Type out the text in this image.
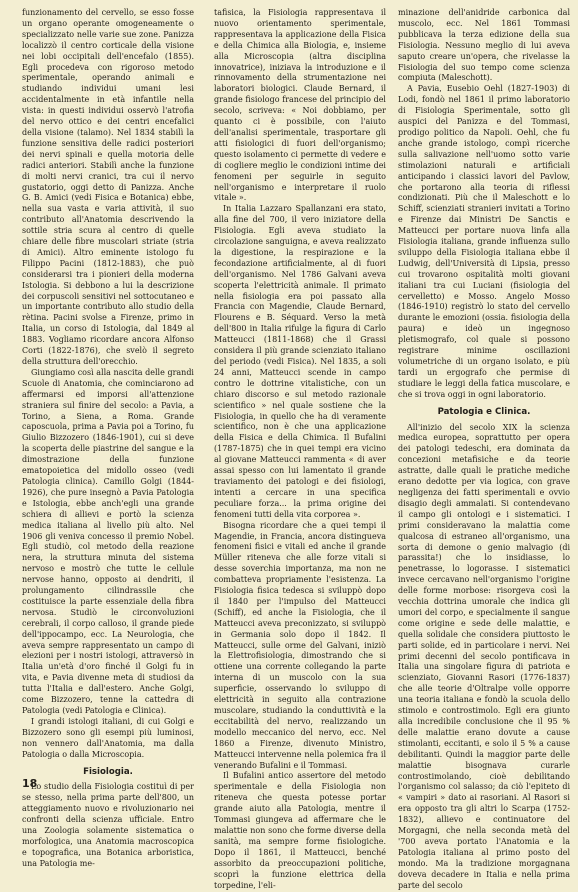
funzionamento del cervello, se esso fosse un organo operante omogeneamente o specializzato nelle varie sue zone. Panizza localizzò il centro corticale della visione nei lobi occipitali dell'encefalo (1855). Egli procedeva con rigoroso metodo sperimentale, operando animali e studiando individui umani lesi accidentalmente in età infantile nella vista: in questi individui osservò l'atrofia del nervo ottico e dei centri encefalici della visione (talamo). Nel 1834 stabilì la funzione sensitiva delle radici posteriori dei nervi spinali e quella motoria delle radici anteriori. Stabilì anche la funzione di molti nervi cranici, tra cui il nervo gustatorio, oggi detto di Panizza. Anche G. B. Amici (vedi Fisica e Botanica) ebbe, nella sua vasta e varia attività, il suo contributo all'Anatomia descrivendo la sottile stria scura al centro di quelle chiare delle fibre muscolari striate (stria di Amici). Altro eminente istologo fu Filippo Pacini (1812-1883), che può considerarsi tra i pionieri della moderna Istologia. Si debbono a lui la descrizione dei corpuscoli sensitivi nel sottocutaneo e un importante contributo allo studio della rètina. Pacini svolse a Firenze, primo in Italia, un corso di Istologia, dal 1849 al 1883. Vogliamo ricordare ancora Alfonso Corti (1822-1876), che svelò il segreto della struttura dell'orecchio.

Giungiamo così alla nascita delle grandi Scuole di Anatomia, che cominciarono ad affermarsi ed imporsi all'attenzione straniera sul finire del secolo: a Pavia, a Torino, a Siena, a Roma. Grande caposcuola, prima a Pavia poi a Torino, fu Giulio Bizzozero (1846-1901), cui si deve la scoperta delle piastrine del sangue e la dimostrazione della funzione ematopoietica del midollo osseo (vedi Patologia clinica). Camillo Golgi (1844-1926), che pure insegnò a Pavia Patologia e Istologia, ebbe anch'egli una grande schiera di allievi e portò la scienza medica italiana al livello più alto. Nel 1906 gli veniva concesso il premio Nobel. Egli studiò, col metodo della reazione nera, la struttura minuta del sistema nervoso e mostrò che tutte le cellule nervose hanno, opposto ai dendriti, il prolungamento cilindrassile che costituisce la parte essenziale della fibra nervosa. Studiò le circonvoluzioni cerebrali, il corpo calloso, il grande piede dell'ippocampo, ecc. La Neurologia, che aveva sempre rappresentato un campo di elezioni per i nostri istologi, attraversò in Italia un'età d'oro finché il Golgi fu in vita, e Pavia divenne meta di studiosi da tutta l'Italia e dall'estero. Anche Golgi, come Bizzozero, tenne la cattedra di Patologia (vedi Patologia e Clinica).

I grandi istologi italiani, di cui Golgi e Bizzozero sono gli esempi più luminosi, non vennero dall'Anatomia, ma dalla Patologia o dalla Microscopia.

Fisiologia.

Lo studio della Fisiologia costituì di per se stesso, nella prima parte dell'800, un atteggiamento nuovo e rivoluzionario nei confronti della scienza ufficiale. Entro una Zoologia solamente sistematica o morfologica, una Anatomia macroscopica e topografica, una Botanica arboristica, una Patologia me-

tafisica, la Fisiologia rappresentava il nuovo orientamento sperimentale, rappresentava la applicazione della Fisica e della Chimica alla Biologia, e, insieme alla Microscopia (altra disciplina innovatrice), iniziava la introduzione e il rinnovamento della strumentazione nei laboratori biologici. Claude Bernard, il grande fisiologo francese del principio del secolo, scriveva: « Noi dobbiamo, per quanto ci è possibile, con l'aiuto dell'analisi sperimentale, trasportare gli atti fisiologici di fuori dell'organismo; questo isolamento ci permette di vedere e di cogliere meglio le condizioni intime dei fenomeni per seguirle in seguito nell'organismo e interpretare il ruolo vitale ».

In Italia Lazzaro Spallanzani era stato, alla fine del 700, il vero iniziatore della Fisiologia. Egli aveva studiato la circolazione sanguigna, e aveva realizzato la digestione, la respirazione e la fecondazione artificialmente, al di fuori dell'organismo. Nel 1786 Galvani aveva scoperta l'elettricità animale. Il primato nella fisiologia era poi passato alla Francia con Magendie, Claude Bernard, Flourens e B. Séquard. Verso la metà dell'800 in Italia rifulge la figura di Carlo Matteucci (1811-1868) che il Grassi considera il più grande scienziato italiano del periodo (vedi Fisica). Nel 1835, a soli 24 anni, Matteucci scende in campo contro le dottrine vitalistiche, con un chiaro discorso e sul metodo razionale scientifico » nel quale sostiene che la Fisiologia, in quello che ha di veramente scientifico, non è che una applicazione della Fisica e della Chimica. Il Bufalini (1787-1875) che in quei tempi era vicino al giovane Matteucci rammenta « di aver assai spesso con lui lamentato il grande traviamento dei patologi e dei fisiologi, intenti a cercare in una specifica peculiare forza... la prima origine dei fenomeni tutti della vita corporea ».

Bisogna ricordare che a quei tempi il Magendie, in Francia, ancora distingueva fenomeni fisici e vitali ed anche il grande Müller riteneva che alle forze vitali si desse soverchia importanza, ma non ne combatteva propriamente l'esistenza. La Fisiologia fisica tedesca si sviluppò dopo il 1840 per l'impulso del Matteucci (Schiff), ed anche la Fisiologia, che il Matteucci aveva preconizzato, si sviluppò in Germania solo dopo il 1842. Il Matteucci, sulle orme del Galvani, iniziò la Elettrofisiologia, dimostrando che si ottiene una corrente collegando la parte interna di un muscolo con la sua superficie, osservando lo sviluppo di elettricità in seguito alla contrazione muscolare, studiando la conduttività e la eccitabilità del nervo, realizzando un modello meccanico del nervo, ecc. Nel 1860 a Firenze, divenuto Ministro, Matteucci intervenne nella polemica fra il venerando Bufalini e il Tommasi.

Il Bufalini antico assertore del metodo sperimentale e della Fisiologia non riteneva che questa potesse portar grande aiuto alla Patologia, mentre il Tommasi giungeva ad affermare che le malattie non sono che forme diverse della sanità, ma sempre forme fisiologiche. Dopo il 1861, il Matteucci, benché assorbito da preoccupazioni politiche, scoprì la funzione elettrica della torpedine, l'eli-

minazione dell'anidride carbonica dal muscolo, ecc. Nel 1861 Tommasi pubblicava la terza edizione della sua Fisiologia. Nessuno meglio di lui aveva saputo creare un'opera, che rivelasse la Fisiologia del suo tempo come scienza compiuta (Maleschott).

A Pavia, Eusebio Oehl (1827-1903) di Lodi, fondò nel 1861 il primo laboratorio di Fisiologia Sperimentale, sotto gli auspici del Panizza e del Tommasi, prodigo politico da Napoli. Oehl, che fu anche grande istologo, compì ricerche sulla salivazione nell'uomo sotto varie stimolazioni naturali e artificiali anticipando i classici lavori del Pavlow, che portarono alla teoria di riflessi condizionati. Più che il Maleschott e lo Schiff, scienziati stranieri invitati a Torino e Firenze dai Ministri De Sanctis e Matteucci per portare nuova linfa alla Fisiologia italiana, grande influenza sullo sviluppo della Fisiologia italiana ebbe il Ludwig, dell'Università di Lipsia, presso cui trovarono ospitalità molti giovani italiani tra cui Luciani (fisiologia del cervelletto) e Mosso. Angelo Mosso (1846-1910) registrò lo stato del cervello durante le emozioni (ossia. fisiologia della paura) e ideò un ingegnoso pletismografo, col quale si possono registrare minime oscillazioni volumetriche di un organo isolato, e più tardi un ergografo che permise di studiare le leggi della fatica muscolare, e che si trova oggi in ogni laboratorio.

Patologia e Clinica.

All'inizio del secolo XIX la scienza medica europea, soprattutto per opera dei patologi tedeschi, era dominata da concezioni metafisiche e da teorie astratte, dalle quali le pratiche mediche erano dedotte per via logica, con grave negligenza dei fatti sperimentali e ovvio disagio degli ammalati. Si contendevano il campo gli ontologi e i sistematici. I primi consideravano la malattia come qualcosa di estraneo all'organismo, una sorta di demone o genio malvagio (di parassita!) che lo insidiasse, lo penetrasse, lo logorasse. I sistematici invece cercavano nell'organismo l'origine delle forme morbose: risorgeva così la vecchia dottrina umorale che indica gli umori del corpo, e specialmente il sangue come origine e sede delle malattie, e quella solidale che considera piuttosto le parti solide, ed in particolare i nervi. Nei primi decenni del secolo pontificava in Italia una singolare figura di patriota e scienziato, Giovanni Rasori (1776-1837) che alle teorie d'Oltralpe volle opporre una teoria italiana e fondò la scuola dello stimolo e controstimolo. Egli era giunto alla incredibile conclusione che il 95 % delle malattie erano dovute a cause stimolanti, eccitanti, e solo il 5 % a cause debilitanti. Quindi la maggior parte delle malattie bisognava curarle controstimolando, cioè debilitando l'organismo col salasso; da ciò l'epiteto di « vampiri » dato ai rasoriani. Al Rasori si era opposto tra gli altri lo Scarpa (1752-1832), allievo e continuatore del Morgagni, che nella seconda metà del '700 aveva portato l'Anatomia e la Patologia italiana al primo posto del mondo. Ma la tradizione morgagnana doveva decadere in Italia e nella prima parte del secolo

18
